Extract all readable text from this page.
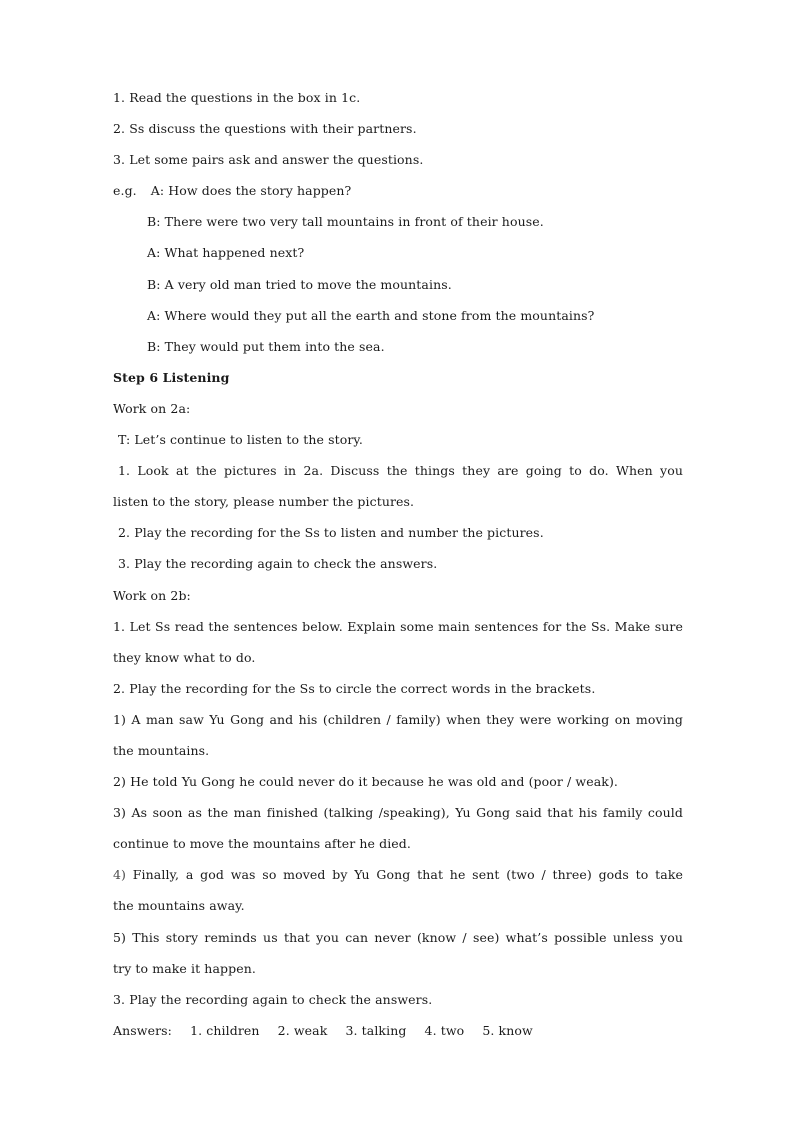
1. Read the questions in the box in 1c.
2. Ss discuss the questions with their partners.
3. Let some pairs ask and answer the questions.
e.g. A: How does the story happen?
B: There were two very tall mountains in front of their house.
A: What happened next?
B: A very old man tried to move the mountains.
A: Where would they put all the earth and stone from the mountains?
B: They would put them into the sea.
Step 6 Listening
Work on 2a:
T: Let’s continue to listen to the story.
1. Look at the pictures in 2a. Discuss the things they are going to do. When you
listen to the story, please number the pictures.
2. Play the recording for the Ss to listen and number the pictures.
3. Play the recording again to check the answers.
Work on 2b:
1. Let Ss read the sentences below. Explain some main sentences for the Ss. Make sure
they know what to do.
2. Play the recording for the Ss to circle the correct words in the brackets.
1) A man saw Yu Gong and his (children / family) when they were working on moving
the mountains.
2) He told Yu Gong he could never do it because he was old and (poor / weak).
3) As soon as the man finished (talking /speaking), Yu Gong said that his family could
continue to move the mountains after he died.
4) Finally, a god was so moved by Yu Gong that he sent (two / three) gods to take
the mountains away.
5) This story reminds us that you can never (know / see) what’s possible unless you
try to make it happen.
3. Play the recording again to check the answers.
Answers: 1. children 2. weak 3. talking 4. two 5. know
